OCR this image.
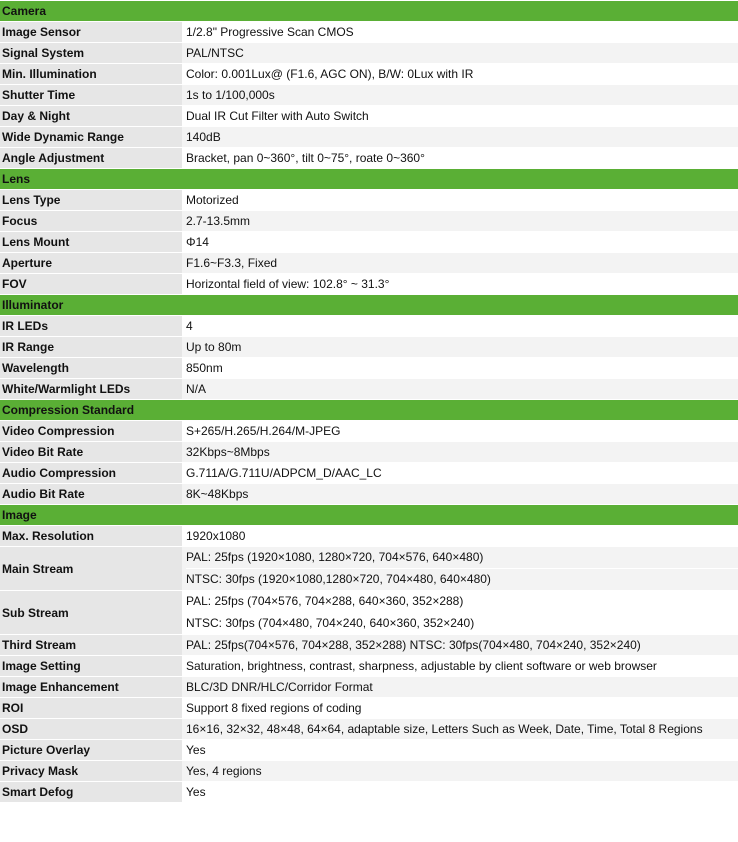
Camera	
Image Sensor	1/2.8" Progressive Scan CMOS
Signal System	PAL/NTSC
Min. Illumination	Color: 0.001Lux@ (F1.6, AGC ON), B/W: 0Lux with IR
Shutter Time	1s to 1/100,000s
Day & Night	Dual IR Cut Filter with Auto Switch
Wide Dynamic Range	140dB
Angle Adjustment	Bracket, pan 0~360°, tilt 0~75°, roate 0~360°
Lens	
Lens Type	Motorized
Focus	2.7-13.5mm
Lens Mount	Φ14
Aperture	F1.6~F3.3, Fixed
FOV	Horizontal field of view: 102.8° ~ 31.3°
Illuminator	
IR LEDs	4
IR Range	Up to 80m
Wavelength	850nm
White/Warmlight LEDs	N/A
Compression Standard	
Video Compression	S+265/H.265/H.264/M-JPEG
Video Bit Rate	32Kbps~8Mbps
Audio Compression	G.711A/G.711U/ADPCM_D/AAC_LC
Audio Bit Rate	8K~48Kbps
Image	
Max. Resolution	1920x1080
Main Stream	PAL: 25fps (1920×1080, 1280×720, 704×576, 640×480)
NTSC: 30fps (1920×1080,1280×720, 704×480, 640×480)

Sub Stream	PAL: 25fps (704×576, 704×288, 640×360, 352×288)
NTSC: 30fps (704×480, 704×240, 640×360, 352×240)

Third Stream	PAL: 25fps(704×576, 704×288, 352×288) NTSC: 30fps(704×480, 704×240, 352×240)
Image Setting	Saturation, brightness, contrast, sharpness, adjustable by client software or web browser
Image Enhancement	BLC/3D DNR/HLC/Corridor Format
ROI	Support 8 fixed regions of coding
OSD	16×16, 32×32, 48×48, 64×64, adaptable size, Letters Such as Week, Date, Time, Total 8 Regions
Picture Overlay	Yes
Privacy Mask	Yes, 4 regions
Smart Defog	Yes
